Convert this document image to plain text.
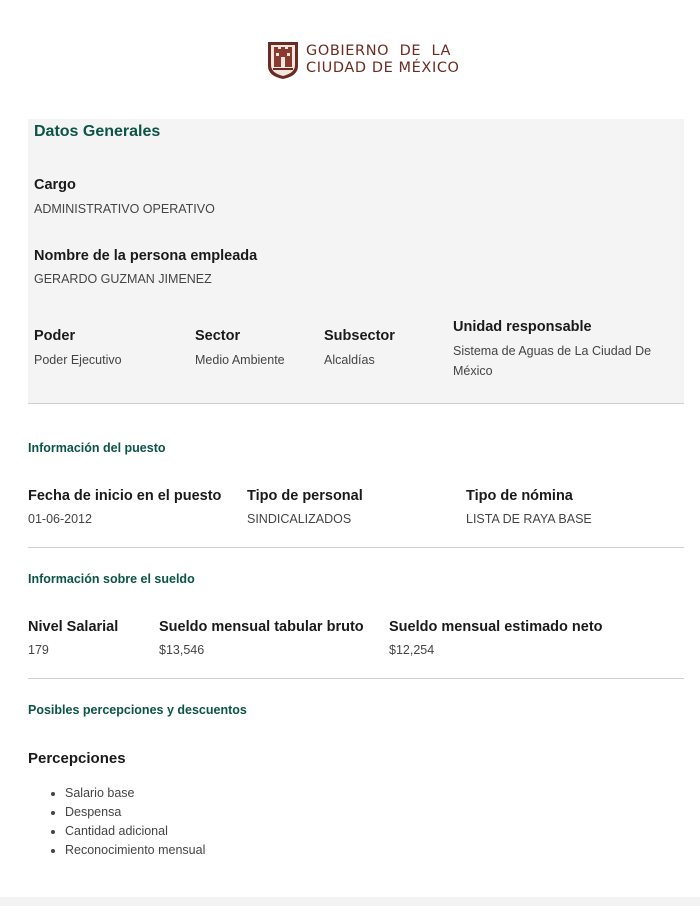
GOBIERNO  DE  LA
CIUDAD DE MÉXICO
Datos Generales
Cargo
ADMINISTRATIVO OPERATIVO
Nombre de la persona empleada
GERARDO GUZMAN JIMENEZ
Poder
Poder Ejecutivo
Sector
Medio Ambiente
Subsector
Alcaldías
Unidad responsable
Sistema de Aguas de La Ciudad De México
Información del puesto
Fecha de inicio en el puesto
01-06-2012
Tipo de personal
SINDICALIZADOS
Tipo de nómina
LISTA DE RAYA BASE
Información sobre el sueldo
Nivel Salarial
179
Sueldo mensual tabular bruto
$13,546
Sueldo mensual estimado neto
$12,254
Posibles percepciones y descuentos
Percepciones
• Salario base
• Despensa
• Cantidad adicional
• Reconocimiento mensual
